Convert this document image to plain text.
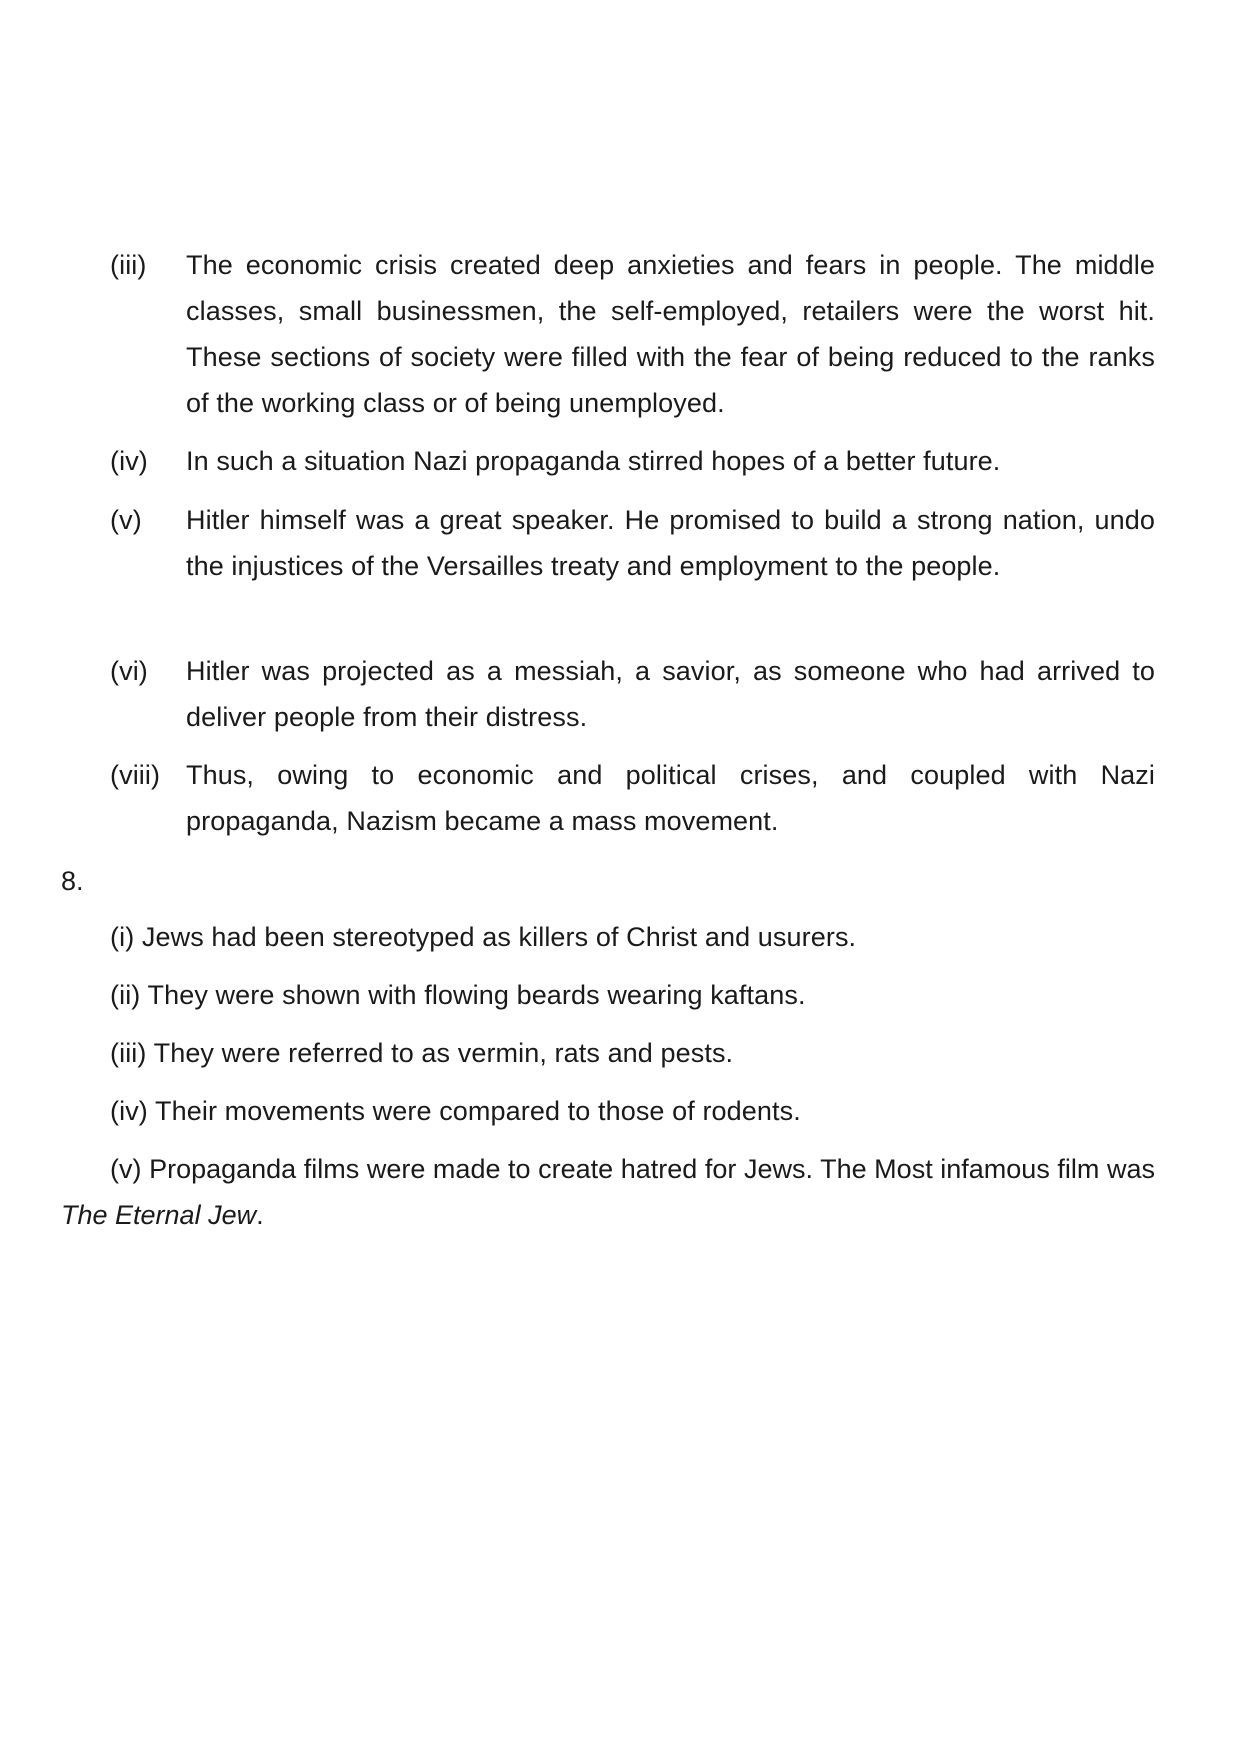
(iii) The economic crisis created deep anxieties and fears in people. The middle classes, small businessmen, the self-employed, retailers were the worst hit. These sections of society were filled with the fear of being reduced to the ranks of the working class or of being unemployed.
(iv) In such a situation Nazi propaganda stirred hopes of a better future.
(v) Hitler himself was a great speaker. He promised to build a strong nation, undo the injustices of the Versailles treaty and employment to the people.
(vi) Hitler was projected as a messiah, a savior, as someone who had arrived to deliver people from their distress.
(viii) Thus, owing to economic and political crises, and coupled with Nazi propaganda, Nazism became a mass movement.
8.
(i) Jews had been stereotyped as killers of Christ and usurers.
(ii) They were shown with flowing beards wearing kaftans.
(iii) They were referred to as vermin, rats and pests.
(iv) Their movements were compared to those of rodents.
(v) Propaganda films were made to create hatred for Jews. The Most infamous film was The Eternal Jew.
